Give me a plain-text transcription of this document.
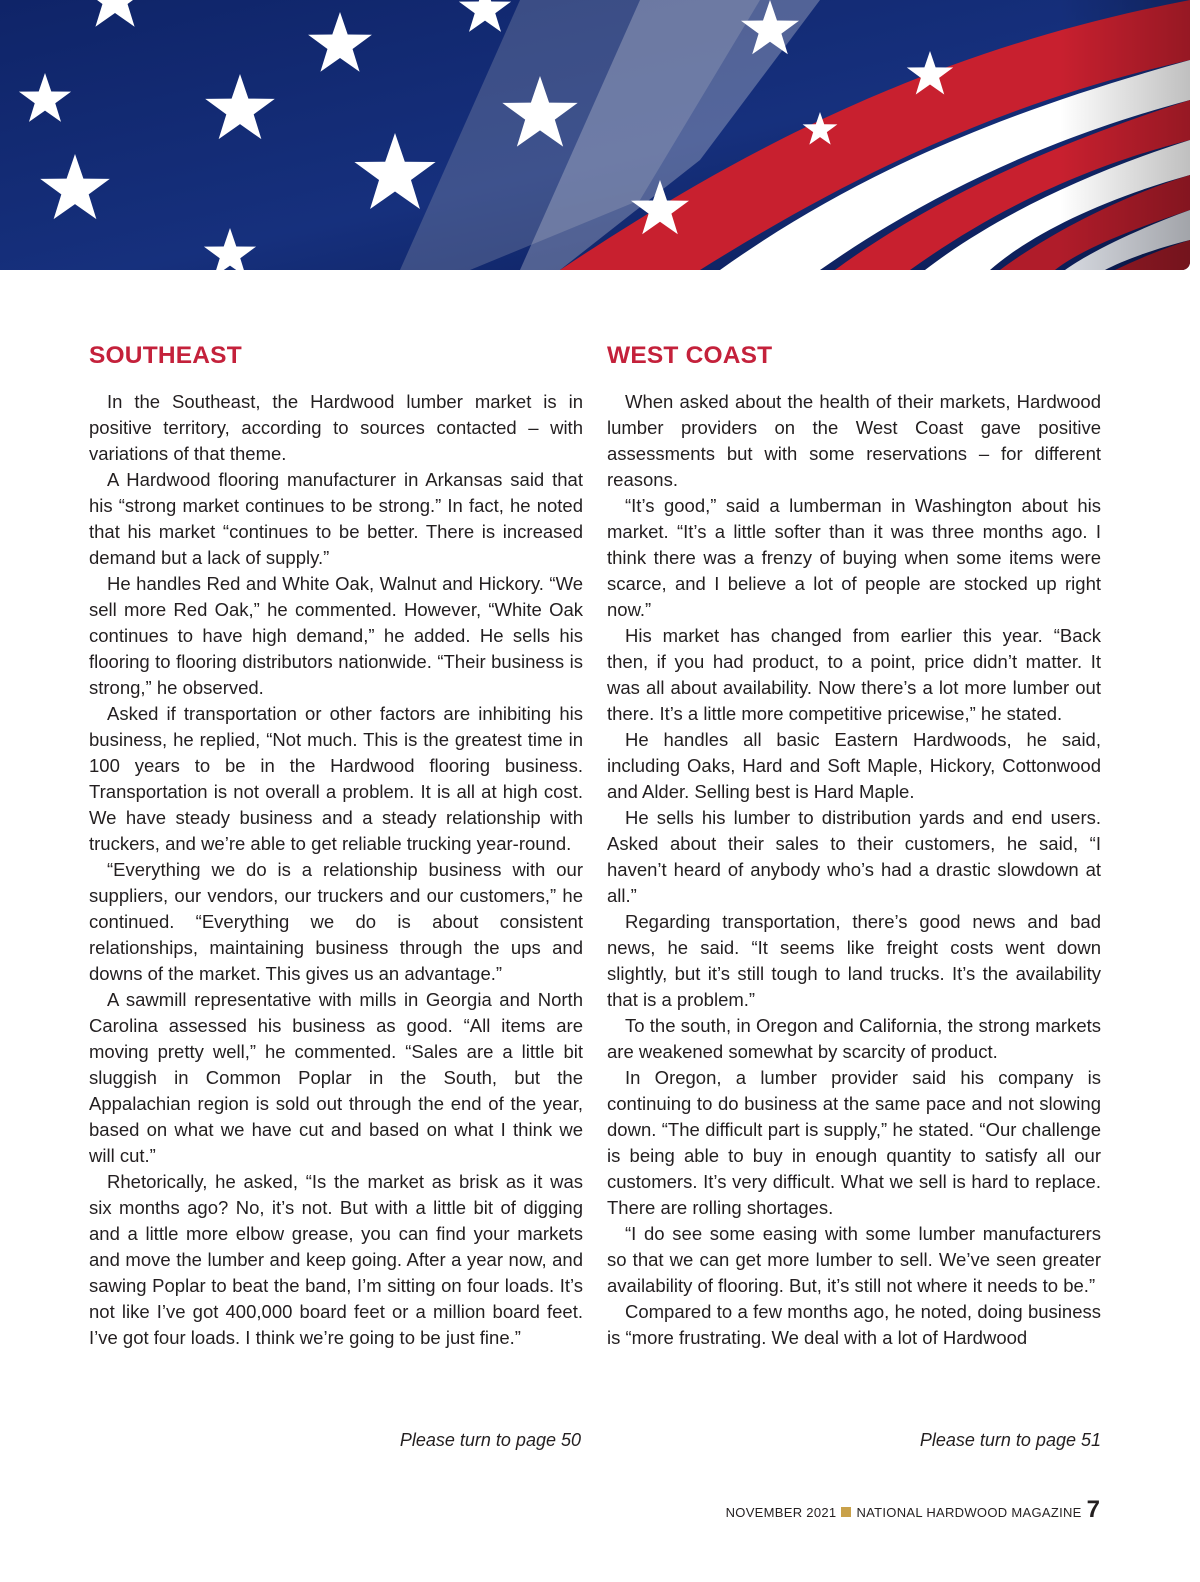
SOUTHEAST

In the Southeast, the Hardwood lumber market is in positive territory, according to sources contacted – with variations of that theme.

A Hardwood flooring manufacturer in Arkansas said that his “strong market continues to be strong.” In fact, he noted that his market “continues to be better. There is increased demand but a lack of supply.”

He handles Red and White Oak, Walnut and Hickory. “We sell more Red Oak,” he commented. However, “White Oak continues to have high demand,” he added. He sells his flooring to flooring distributors nationwide. “Their business is strong,” he observed.

Asked if transportation or other factors are inhibiting his business, he replied, “Not much. This is the greatest time in 100 years to be in the Hardwood flooring business. Transportation is not overall a problem. It is all at high cost. We have steady business and a steady relationship with truckers, and we’re able to get reliable trucking year-round.

“Everything we do is a relationship business with our suppliers, our vendors, our truckers and our customers,” he continued. “Everything we do is about consistent relationships, maintaining business through the ups and downs of the market. This gives us an advantage.”

A sawmill representative with mills in Georgia and North Carolina assessed his business as good. “All items are moving pretty well,” he commented. “Sales are a little bit sluggish in Common Poplar in the South, but the Appalachian region is sold out through the end of the year, based on what we have cut and based on what I think we will cut.”

Rhetorically, he asked, “Is the market as brisk as it was six months ago? No, it’s not. But with a little bit of digging and a little more elbow grease, you can find your markets and move the lumber and keep going. After a year now, and sawing Poplar to beat the band, I’m sitting on four loads. It’s not like I’ve got 400,000 board feet or a million board feet. I’ve got four loads. I think we’re going to be just fine.”

WEST COAST

When asked about the health of their markets, Hardwood lumber providers on the West Coast gave positive assessments but with some reservations – for different reasons.

“It’s good,” said a lumberman in Washington about his market. “It’s a little softer than it was three months ago. I think there was a frenzy of buying when some items were scarce, and I believe a lot of people are stocked up right now.”

His market has changed from earlier this year. “Back then, if you had product, to a point, price didn’t matter. It was all about availability. Now there’s a lot more lumber out there. It’s a little more competitive pricewise,” he stated.

He handles all basic Eastern Hardwoods, he said, including Oaks, Hard and Soft Maple, Hickory, Cottonwood and Alder. Selling best is Hard Maple.

He sells his lumber to distribution yards and end users. Asked about their sales to their customers, he said, “I haven’t heard of anybody who’s had a drastic slowdown at all.”

Regarding transportation, there’s good news and bad news, he said. “It seems like freight costs went down slightly, but it’s still tough to land trucks. It’s the availability that is a problem.”

To the south, in Oregon and California, the strong markets are weakened somewhat by scarcity of product.

In Oregon, a lumber provider said his company is continuing to do business at the same pace and not slowing down. “The difficult part is supply,” he stated. “Our challenge is being able to buy in enough quantity to satisfy all our customers. It’s very difficult. What we sell is hard to replace. There are rolling shortages.

“I do see some easing with some lumber manufacturers so that we can get more lumber to sell. We’ve seen greater availability of flooring. But, it’s still not where it needs to be.”

Compared to a few months ago, he noted, doing business is “more frustrating. We deal with a lot of Hardwood

Please turn to page 50	Please turn to page 51
NOVEMBER 2021 NATIONAL HARDWOOD MAGAZINE 7
